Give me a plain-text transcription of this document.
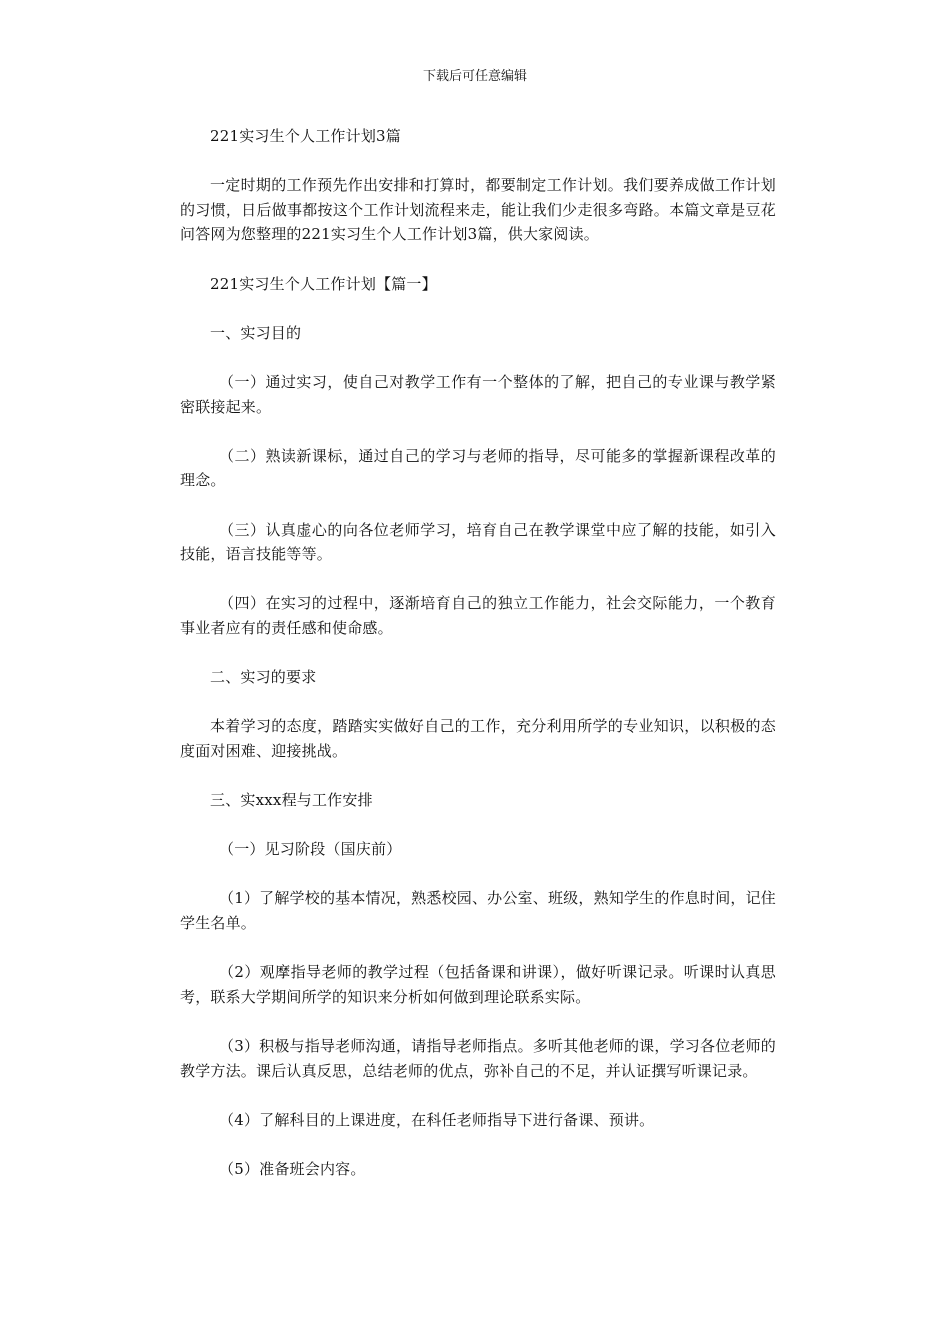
下载后可任意编辑

221实习生个人工作计划3篇

一定时期的工作预先作出安排和打算时，都要制定工作计划。我们要养成做工作计划的习惯，日后做事都按这个工作计划流程来走，能让我们少走很多弯路。本篇文章是豆花问答网为您整理的221实习生个人工作计划3篇，供大家阅读。

221实习生个人工作计划【篇一】

一、实习目的

（一）通过实习，使自己对教学工作有一个整体的了解，把自己的专业课与教学紧密联接起来。

（二）熟读新课标，通过自己的学习与老师的指导，尽可能多的掌握新课程改革的理念。

（三）认真虚心的向各位老师学习，培育自己在教学课堂中应了解的技能，如引入技能，语言技能等等。

（四）在实习的过程中，逐渐培育自己的独立工作能力，社会交际能力，一个教育事业者应有的责任感和使命感。

二、实习的要求

本着学习的态度，踏踏实实做好自己的工作，充分利用所学的专业知识，以积极的态度面对困难、迎接挑战。

三、实xxx程与工作安排

（一）见习阶段（国庆前）

（1）了解学校的基本情况，熟悉校园、办公室、班级，熟知学生的作息时间，记住学生名单。

（2）观摩指导老师的教学过程（包括备课和讲课），做好听课记录。听课时认真思考，联系大学期间所学的知识来分析如何做到理论联系实际。

（3）积极与指导老师沟通，请指导老师指点。多听其他老师的课，学习各位老师的教学方法。课后认真反思，总结老师的优点，弥补自己的不足，并认证撰写听课记录。

（4）了解科目的上课进度，在科任老师指导下进行备课、预讲。

（5）准备班会内容。
